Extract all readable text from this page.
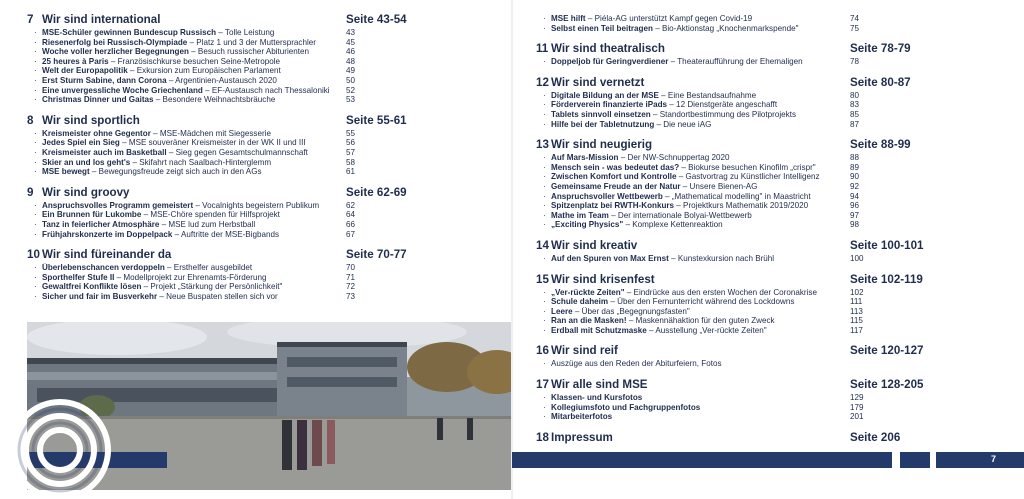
7 Wir sind international	Seite 43-54
· MSE-Schüler gewinnen Bundescup Russisch – Tolle Leistung	43
· Riesenerfolg bei Russisch-Olympiade – Platz 1 und 3 der Muttersprachler	45
· Woche voller herzlicher Begegnungen – Besuch russischer Abiturienten	46
· 25 heures à Paris – Französischkurse besuchen Seine-Metropole	48
· Welt der Europapolitik – Exkursion zum Europäischen Parlament	49
· Erst Sturm Sabine, dann Corona – Argentinien-Austausch 2020	50
· Eine unvergessliche Woche Griechenland – EF-Austausch nach Thessaloniki	52
· Christmas Dinner und Gaitas – Besondere Weihnachtsbräuche	53
8 Wir sind sportlich	Seite 55-61
· Kreismeister ohne Gegentor – MSE-Mädchen mit Siegesserie	55
· Jedes Spiel ein Sieg – MSE souveräner Kreismeister in der WK II und III	56
· Kreismeister auch im Basketball – Sieg gegen Gesamtschulmannschaft	57
· Skier an und los geht's – Skifahrt nach Saalbach-Hinterglemm	58
· MSE bewegt – Bewegungsfreude zeigt sich auch in den AGs	61
9 Wir sind groovy	Seite 62-69
· Anspruchsvolles Programm gemeistert – Vocalnights begeistern Publikum	62
· Ein Brunnen für Lukombe – MSE-Chöre spenden für Hilfsprojekt	64
· Tanz in feierlicher Atmosphäre – MSE lud zum Herbstball	66
· Frühjahrskonzerte im Doppelpack – Auftritte der MSE-Bigbands	67
10 Wir sind füreinander da	Seite 70-77
· Überlebenschancen verdoppeln – Ersthelfer ausgebildet	70
· Sporthelfer Stufe II – Modellprojekt zur Ehrenamts-Förderung	71
· Gewaltfrei Konflikte lösen – Projekt „Stärkung der Persönlichkeit"	72
· Sicher und fair im Busverkehr – Neue Buspaten stellen sich vor	73
· MSE hilft – Piéla-AG unterstützt Kampf gegen Covid-19	74
· Selbst einen Teil beitragen – Bio-Aktionstag „Knochenmarkspende"	75
11 Wir sind theatralisch	Seite 78-79
· Doppeljob für Geringverdiener – Theateraufführung der Ehemaligen	78
12 Wir sind vernetzt	Seite 80-87
· Digitale Bildung an der MSE – Eine Bestandsaufnahme	80
· Förderverein finanzierte iPads – 12 Dienstgeräte angeschafft	83
· Tablets sinnvoll einsetzen – Standortbestimmung des Pilotprojekts	85
· Hilfe bei der Tabletnutzung – Die neue iAG	87
13 Wir sind neugierig	Seite 88-99
· Auf Mars-Mission – Der NW-Schnuppertag 2020	88
· Mensch sein - was bedeutet das? – Biokurse besuchen Kinofilm „crispr"	89
· Zwischen Komfort und Kontrolle – Gastvortrag zu Künstlicher Intelligenz	90
· Gemeinsame Freude an der Natur – Unsere Bienen-AG	92
· Anspruchsvoller Wettbewerb – „Mathematical modelling" in Maastricht	94
· Spitzenplatz bei RWTH-Konkurs – Projektkurs Mathematik 2019/2020	96
· Mathe im Team – Der internationale Bolyai-Wettbewerb	97
· „Exciting Physics" – Komplexe Kettenreaktion	98
14 Wir sind kreativ	Seite 100-101
· Auf den Spuren von Max Ernst – Kunstexkursion nach Brühl	100
15 Wir sind krisenfest	Seite 102-119
· „Ver-rückte Zeiten" – Eindrücke aus den ersten Wochen der Coronakrise	102
· Schule daheim – Über den Fernunterricht während des Lockdowns	111
· Leere – Über das „Begegnungsfasten"	113
· Ran an die Masken! – Maskennähaktion für den guten Zweck	115
· Erdball mit Schutzmaske – Ausstellung „Ver-rückte Zeiten"	117
16 Wir sind reif	Seite 120-127
· Auszüge aus den Reden der Abiturfeiern, Fotos
17 Wir alle sind MSE	Seite 128-205
· Klassen- und Kursfotos	129
· Kollegiumsfoto und Fachgruppenfotos	179
· Mitarbeiterfotos	201
18 Impressum	Seite 206
7
